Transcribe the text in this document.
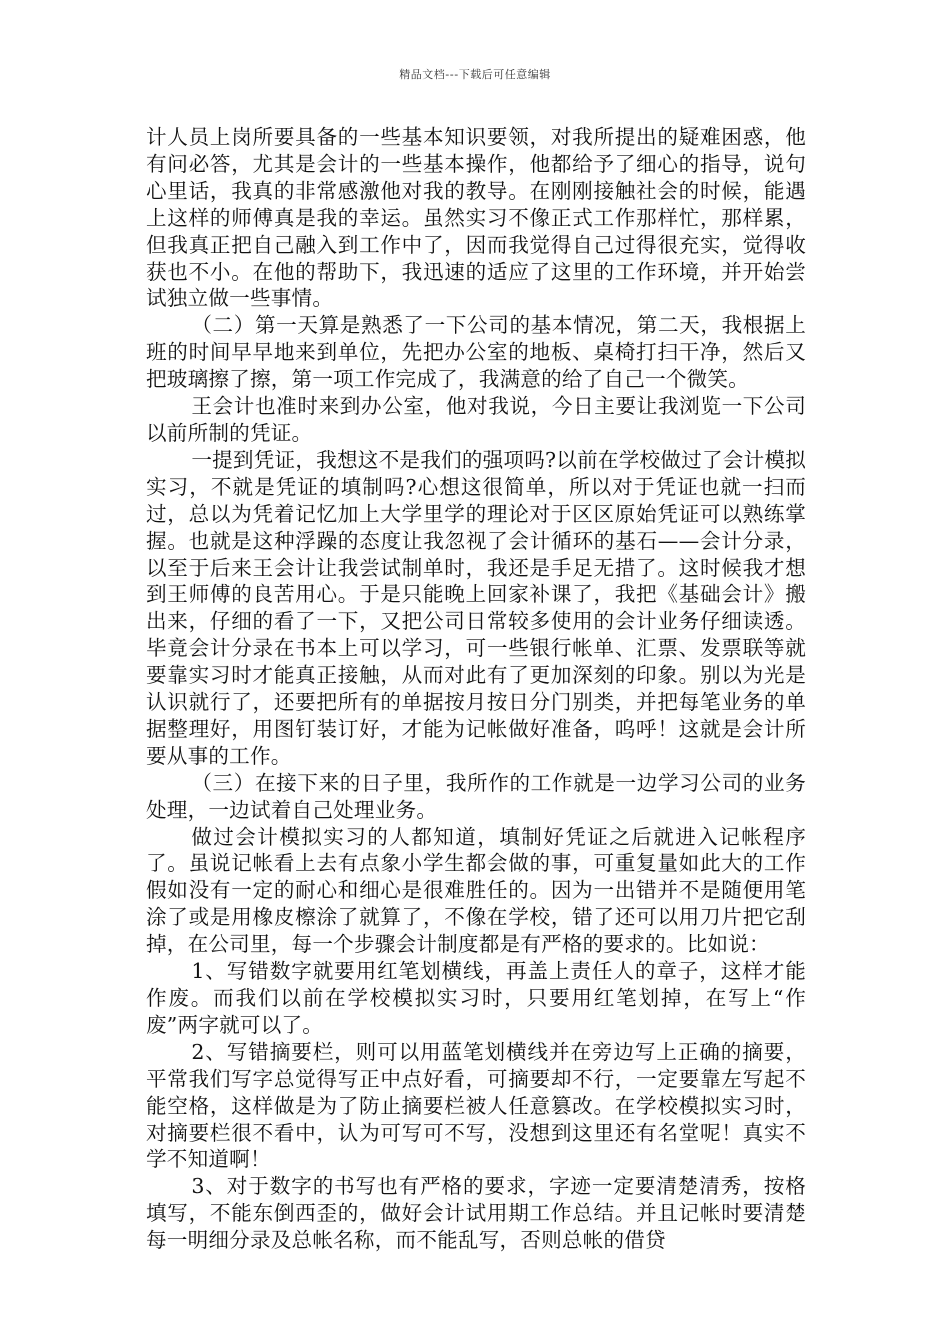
精品文档---下载后可任意编辑

计人员上岗所要具备的一些基本知识要领，对我所提出的疑难困惑，他有问必答，尤其是会计的一些基本操作，他都给予了细心的指导，说句心里话，我真的非常感激他对我的教导。在刚刚接触社会的时候，能遇上这样的师傅真是我的幸运。虽然实习不像正式工作那样忙，那样累，但我真正把自己融入到工作中了，因而我觉得自己过得很充实，觉得收获也不小。在他的帮助下，我迅速的适应了这里的工作环境，并开始尝试独立做一些事情。

（二）第一天算是熟悉了一下公司的基本情况，第二天，我根据上班的时间早早地来到单位，先把办公室的地板、桌椅打扫干净，然后又把玻璃擦了擦，第一项工作完成了，我满意的给了自己一个微笑。

王会计也准时来到办公室，他对我说，今日主要让我浏览一下公司以前所制的凭证。

一提到凭证，我想这不是我们的强项吗?以前在学校做过了会计模拟实习，不就是凭证的填制吗?心想这很简单，所以对于凭证也就一扫而过，总以为凭着记忆加上大学里学的理论对于区区原始凭证可以熟练掌握。也就是这种浮躁的态度让我忽视了会计循环的基石——会计分录，以至于后来王会计让我尝试制单时，我还是手足无措了。这时候我才想到王师傅的良苦用心。于是只能晚上回家补课了，我把《基础会计》搬出来，仔细的看了一下，又把公司日常较多使用的会计业务仔细读透。毕竟会计分录在书本上可以学习，可一些银行帐单、汇票、发票联等就要靠实习时才能真正接触，从而对此有了更加深刻的印象。别以为光是认识就行了，还要把所有的单据按月按日分门别类，并把每笔业务的单据整理好，用图钉装订好，才能为记帐做好准备，呜呼！这就是会计所要从事的工作。

（三）在接下来的日子里，我所作的工作就是一边学习公司的业务处理，一边试着自己处理业务。

做过会计模拟实习的人都知道，填制好凭证之后就进入记帐程序了。虽说记帐看上去有点象小学生都会做的事，可重复量如此大的工作假如没有一定的耐心和细心是很难胜任的。因为一出错并不是随便用笔涂了或是用橡皮檫涂了就算了，不像在学校，错了还可以用刀片把它刮掉，在公司里，每一个步骤会计制度都是有严格的要求的。比如说：

1、写错数字就要用红笔划横线，再盖上责任人的章子，这样才能作废。而我们以前在学校模拟实习时，只要用红笔划掉，在写上“作废”两字就可以了。

2、写错摘要栏，则可以用蓝笔划横线并在旁边写上正确的摘要，平常我们写字总觉得写正中点好看，可摘要却不行，一定要靠左写起不能空格，这样做是为了防止摘要栏被人任意篡改。在学校模拟实习时，对摘要栏很不看中，认为可写可不写，没想到这里还有名堂呢！真实不学不知道啊！

3、对于数字的书写也有严格的要求，字迹一定要清楚清秀，按格填写，不能东倒西歪的，做好会计试用期工作总结。并且记帐时要清楚每一明细分录及总帐名称，而不能乱写，否则总帐的借贷
